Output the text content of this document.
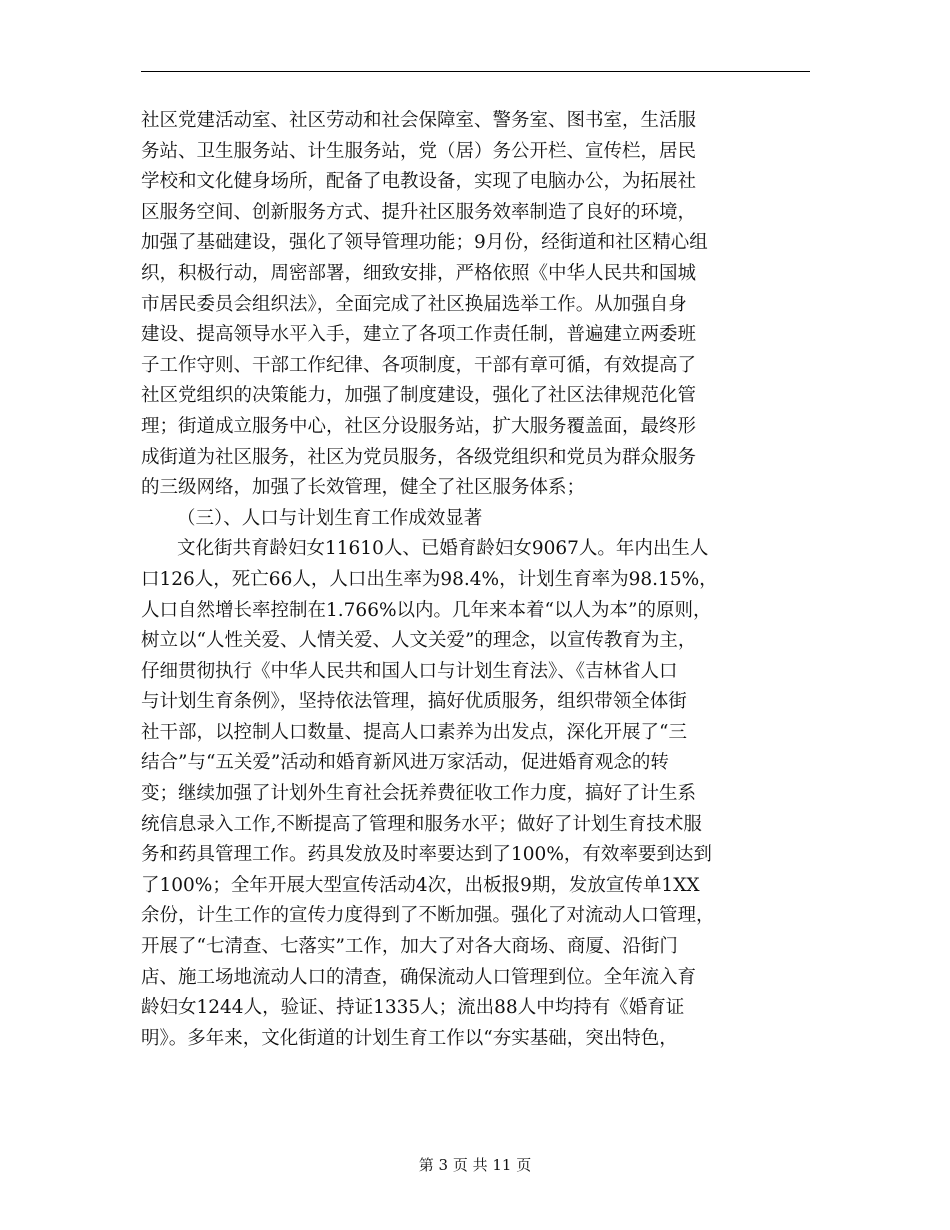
社区党建活动室、社区劳动和社会保障室、警务室、图书室，生活服
务站、卫生服务站、计生服务站，党（居）务公开栏、宣传栏，居民
学校和文化健身场所，配备了电教设备，实现了电脑办公，为拓展社
区服务空间、创新服务方式、提升社区服务效率制造了良好的环境，
加强了基础建设，强化了领导管理功能；9月份，经街道和社区精心组
织，积极行动，周密部署，细致安排，严格依照《中华人民共和国城
市居民委员会组织法》，全面完成了社区换届选举工作。从加强自身
建设、提高领导水平入手，建立了各项工作责任制，普遍建立两委班
子工作守则、干部工作纪律、各项制度，干部有章可循，有效提高了
社区党组织的决策能力，加强了制度建设，强化了社区法律规范化管
理；街道成立服务中心，社区分设服务站，扩大服务覆盖面，最终形
成街道为社区服务，社区为党员服务，各级党组织和党员为群众服务
的三级网络，加强了长效管理，健全了社区服务体系；
（三）、人口与计划生育工作成效显著
文化街共育龄妇女11610人、已婚育龄妇女9067人。年内出生人
口126人，死亡66人，人口出生率为98.4%，计划生育率为98.15%，
人口自然增长率控制在1.766%以内。几年来本着“以人为本”的原则，
树立以“人性关爱、人情关爱、人文关爱”的理念，以宣传教育为主，
仔细贯彻执行《中华人民共和国人口与计划生育法》、《吉林省人口
与计划生育条例》，坚持依法管理，搞好优质服务，组织带领全体街
社干部，以控制人口数量、提高人口素养为出发点，深化开展了“三
结合”与“五关爱”活动和婚育新风进万家活动，促进婚育观念的转
变；继续加强了计划外生育社会抚养费征收工作力度，搞好了计生系
统信息录入工作,不断提高了管理和服务水平；做好了计划生育技术服
务和药具管理工作。药具发放及时率要达到了100%，有效率要到达到
了100%；全年开展大型宣传活动4次，出板报9期，发放宣传单1XX
余份，计生工作的宣传力度得到了不断加强。强化了对流动人口管理，
开展了“七清查、七落实”工作，加大了对各大商场、商厦、沿街门
店、施工场地流动人口的清查，确保流动人口管理到位。全年流入育
龄妇女1244人，验证、持证1335人；流出88人中均持有《婚育证
明》。多年来，文化街道的计划生育工作以“夯实基础，突出特色，
第 3 页 共 11 页
